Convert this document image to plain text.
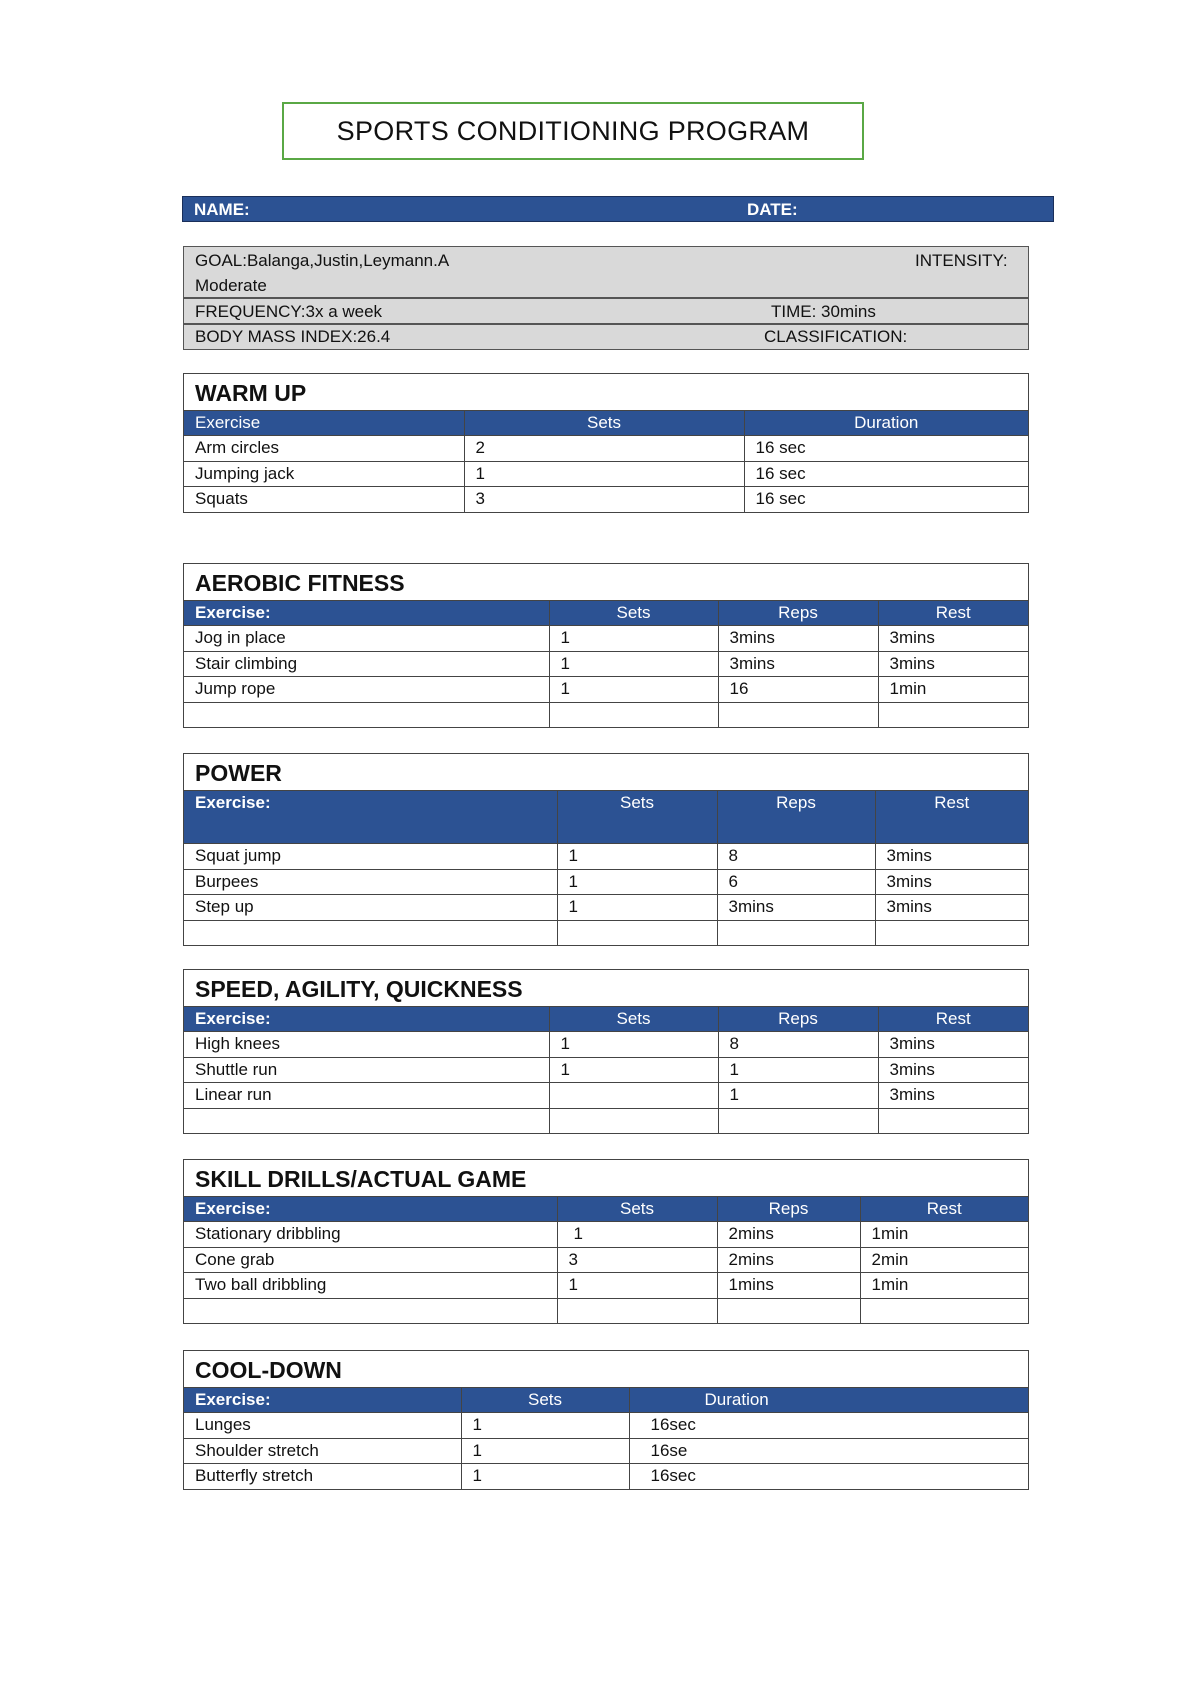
SPORTS CONDITIONING PROGRAM
NAME:	DATE:
GOAL:Balanga,Justin,Leymann.A	INTENSITY:
Moderate
FREQUENCY:3x a week	TIME: 30mins
BODY MASS INDEX:26.4	CLASSIFICATION:
WARM UP
Exercise	Sets	Duration
Arm circles	2	16 sec
Jumping jack	1	16 sec
Squats	3	16 sec
AEROBIC FITNESS
Exercise:	Sets	Reps	Rest
Jog in place	1	3mins	3mins
Stair climbing	1	3mins	3mins
Jump rope	1	16	1min

POWER
Exercise:	Sets	Reps	Rest
Squat jump	1	8	3mins
Burpees	1	6	3mins
Step up	1	3mins	3mins

SPEED, AGILITY, QUICKNESS
Exercise:	Sets	Reps	Rest
High knees	1	8	3mins
Shuttle run	1	1	3mins
Linear run		1	3mins

SKILL DRILLS/ACTUAL GAME
Exercise:	Sets	Reps	Rest
Stationary dribbling	1	2mins	1min
Cone grab	3	2mins	2min
Two ball dribbling	1	1mins	1min

COOL-DOWN
Exercise:	Sets	Duration
Lunges	1	16sec
Shoulder stretch	1	16se
Butterfly stretch	1	16sec
